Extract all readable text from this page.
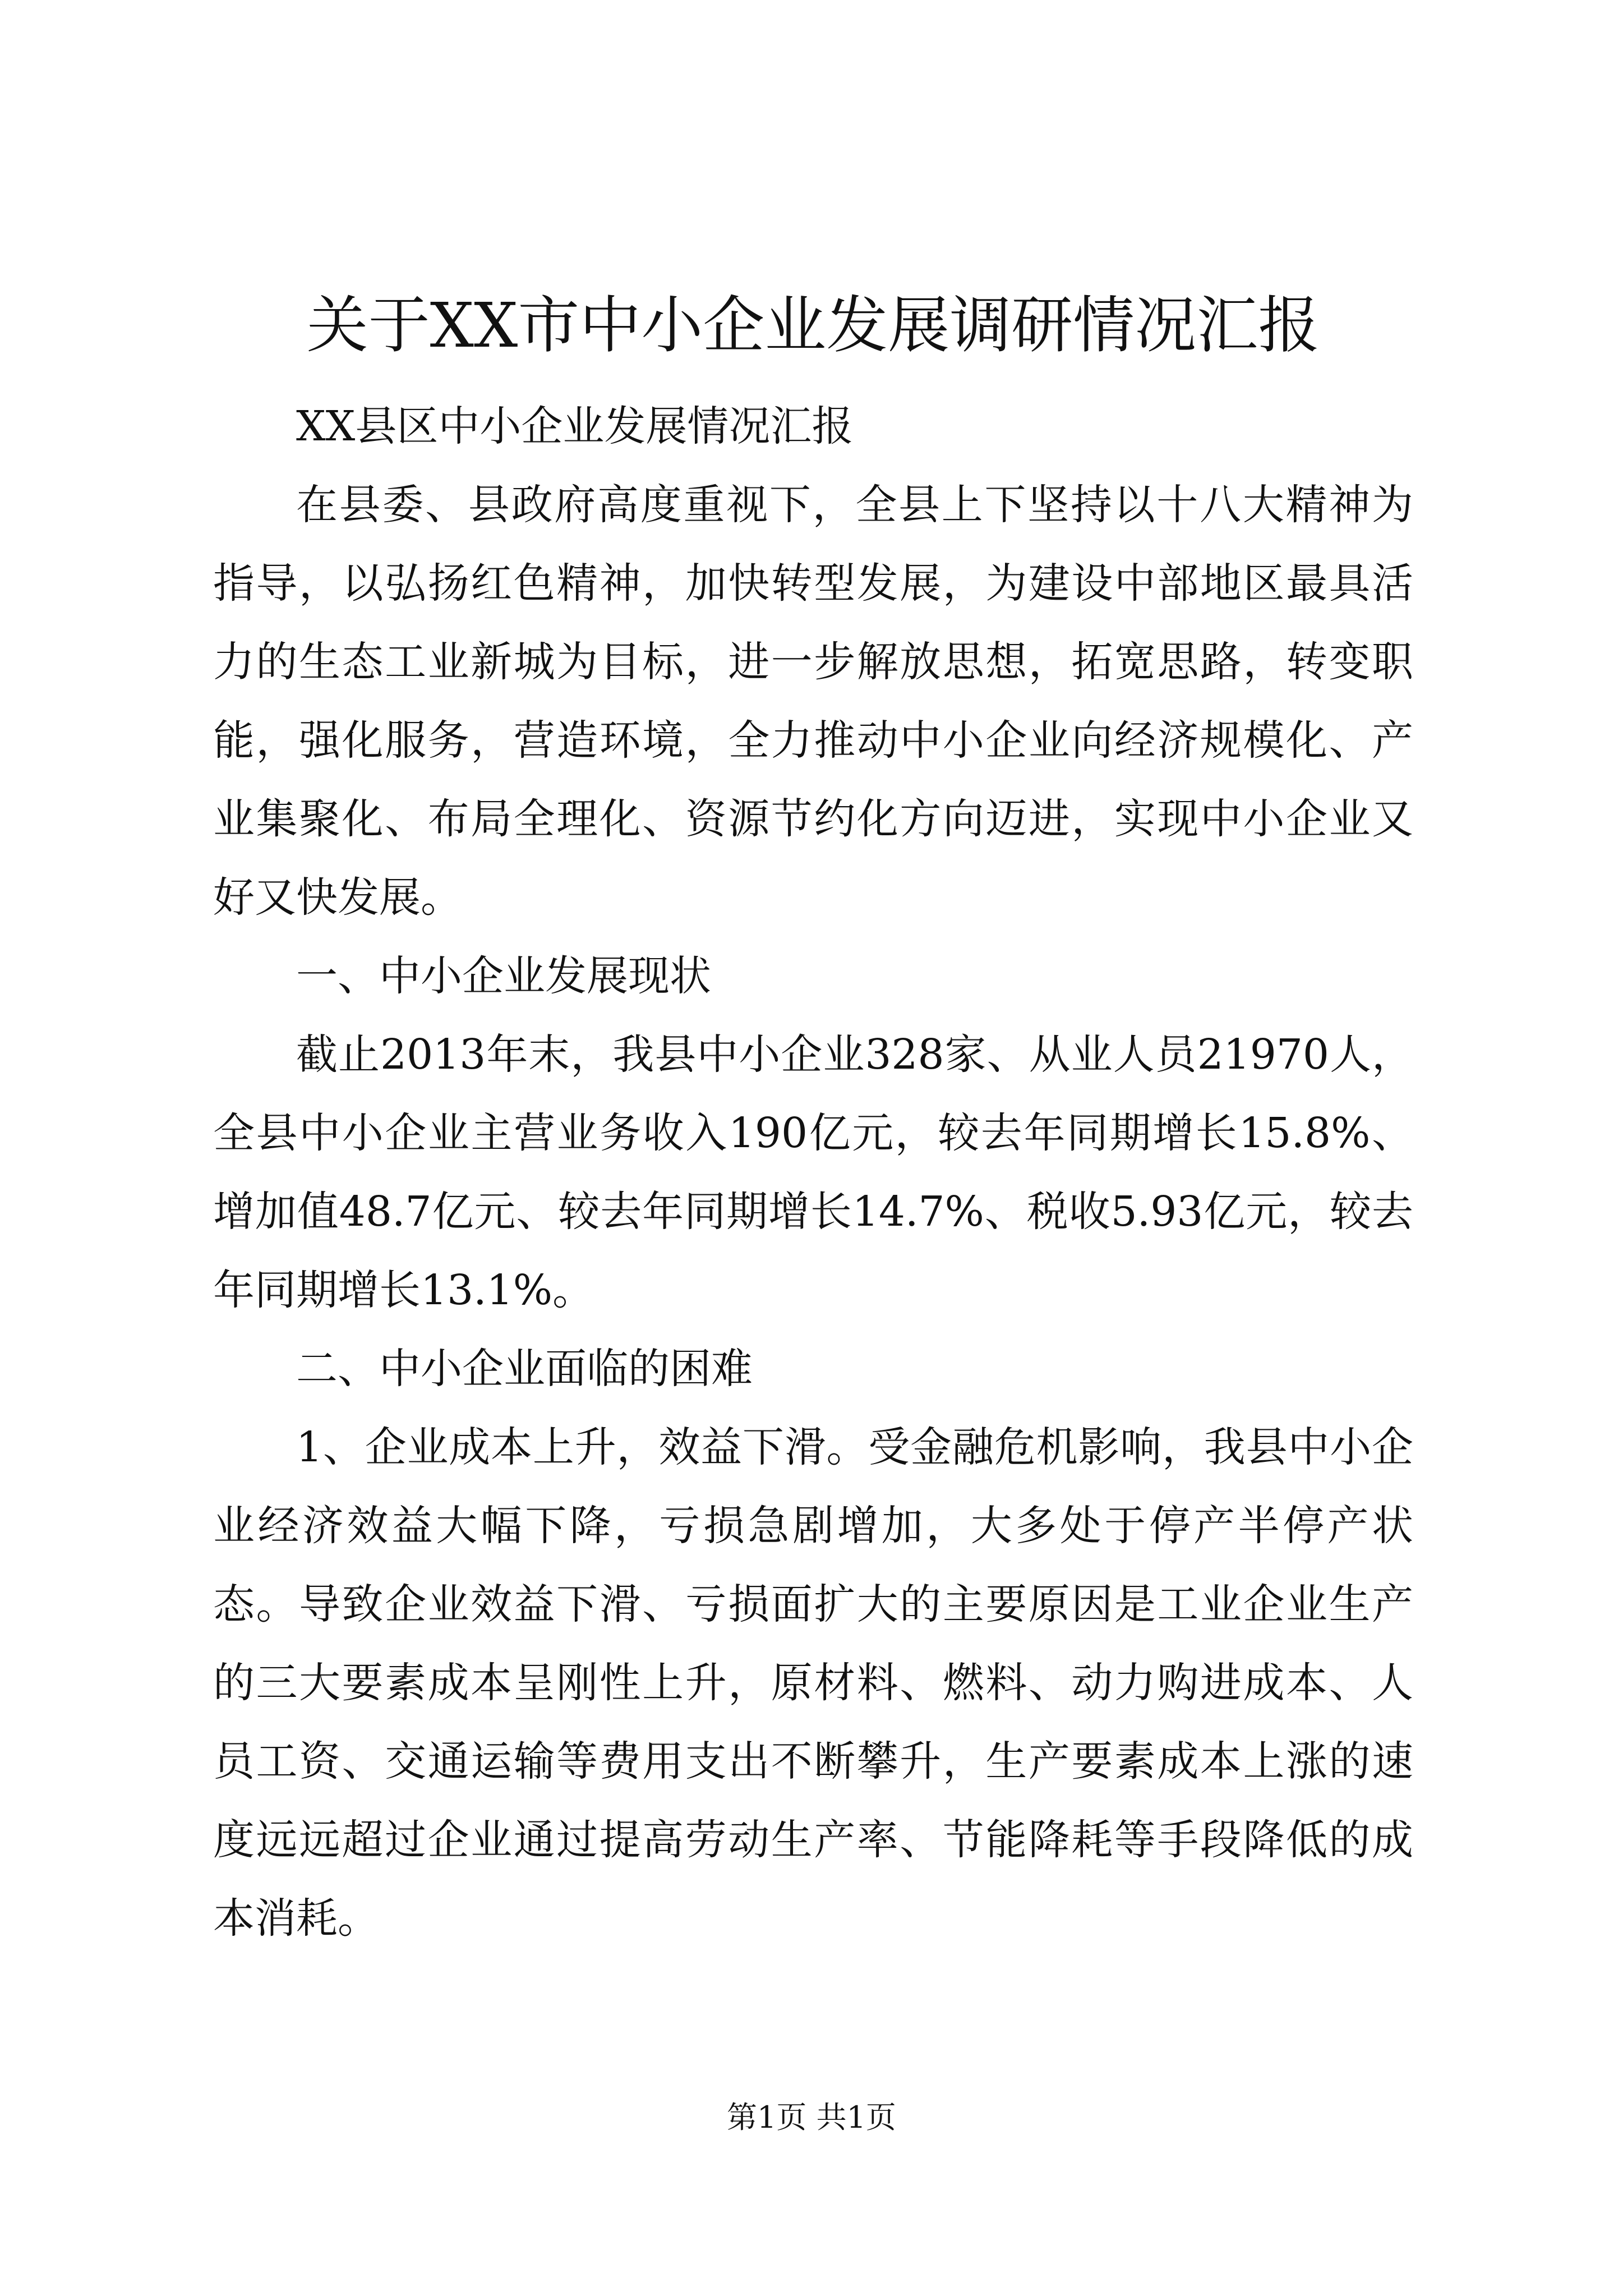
关于XX市中小企业发展调研情况汇报

XX县区中小企业发展情况汇报

在县委、县政府高度重视下，全县上下坚持以十八大精神为指导，以弘扬红色精神，加快转型发展，为建设中部地区最具活力的生态工业新城为目标，进一步解放思想，拓宽思路，转变职能，强化服务，营造环境，全力推动中小企业向经济规模化、产业集聚化、布局全理化、资源节约化方向迈进，实现中小企业又好又快发展。

一、中小企业发展现状

截止2013年末，我县中小企业328家、从业人员21970人，全县中小企业主营业务收入190亿元，较去年同期增长15.8%、增加值48.7亿元、较去年同期增长14.7%、税收5.93亿元，较去年同期增长13.1%。

二、中小企业面临的困难

1、企业成本上升，效益下滑。受金融危机影响，我县中小企业经济效益大幅下降，亏损急剧增加，大多处于停产半停产状态。导致企业效益下滑、亏损面扩大的主要原因是工业企业生产的三大要素成本呈刚性上升，原材料、燃料、动力购进成本、人员工资、交通运输等费用支出不断攀升，生产要素成本上涨的速度远远超过企业通过提高劳动生产率、节能降耗等手段降低的成本消耗。

第1页 共1页
